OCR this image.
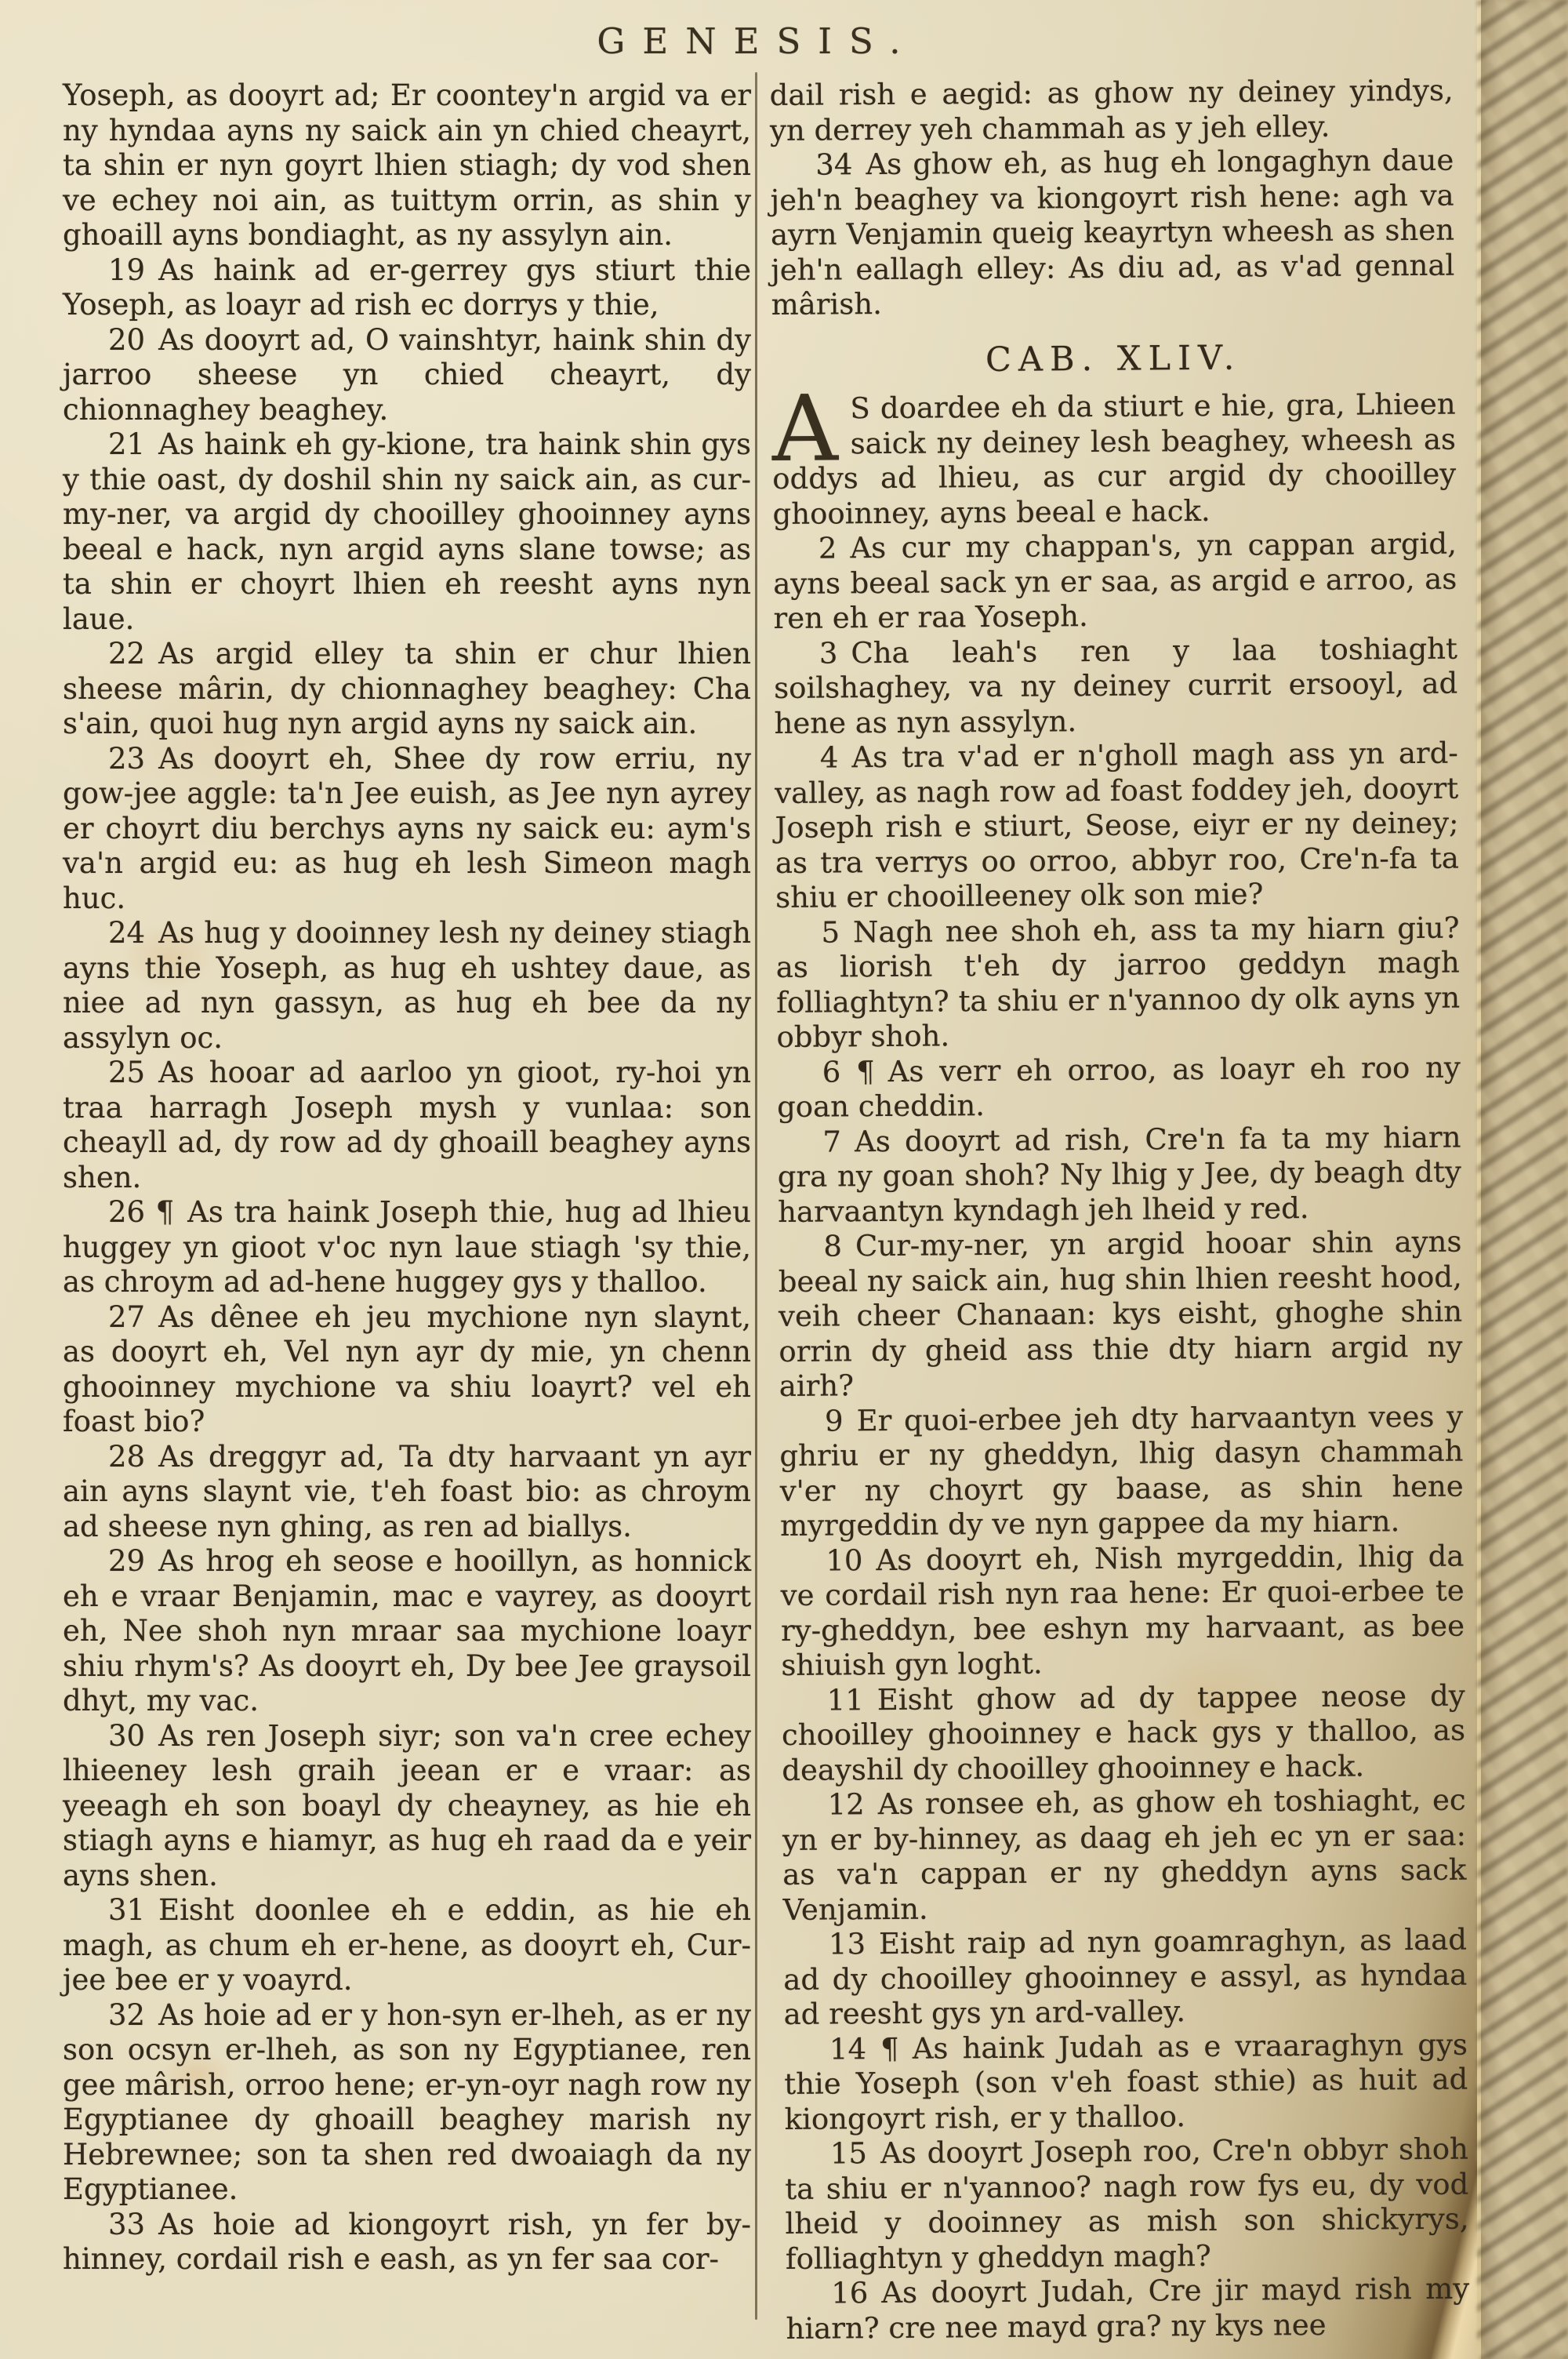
GENESIS.

Yoseph, as dooyrt ad; Er coontey'n argid va er ny hyndaa ayns ny saick ain yn chied cheayrt, ta shin er nyn goyrt lhien stiagh; dy vod shen ve echey noi ain, as tuittym orrin, as shin y ghoaill ayns bondiaght, as ny assylyn ain.

19 As haink ad er-gerrey gys stiurt thie Yoseph, as loayr ad rish ec dorrys y thie,

20 As dooyrt ad, O vainshtyr, haink shin dy jarroo sheese yn chied cheayrt, dy chionnaghey beaghey.

21 As haink eh gy-kione, tra haink shin gys y thie oast, dy doshil shin ny saick ain, as cur-my-ner, va argid dy chooilley ghooinney ayns beeal e hack, nyn argid ayns slane towse; as ta shin er choyrt lhien eh reesht ayns nyn laue.

22 As argid elley ta shin er chur lhien sheese mârin, dy chionnaghey beaghey: Cha s'ain, quoi hug nyn argid ayns ny saick ain.

23 As dooyrt eh, Shee dy row erriu, ny gow-jee aggle: ta'n Jee euish, as Jee nyn ayrey er choyrt diu berchys ayns ny saick eu: aym's va'n argid eu: as hug eh lesh Simeon magh huc.

24 As hug y dooinney lesh ny deiney stiagh ayns thie Yoseph, as hug eh ushtey daue, as niee ad nyn gassyn, as hug eh bee da ny assylyn oc.

25 As hooar ad aarloo yn gioot, ry-hoi yn traa harragh Joseph mysh y vunlaa: son cheayll ad, dy row ad dy ghoaill beaghey ayns shen.

26 ¶ As tra haink Joseph thie, hug ad lhieu huggey yn gioot v'oc nyn laue stiagh 'sy thie, as chroym ad ad-hene huggey gys y thalloo.

27 As dênee eh jeu mychione nyn slaynt, as dooyrt eh, Vel nyn ayr dy mie, yn chenn ghooinney mychione va shiu loayrt? vel eh foast bio?

28 As dreggyr ad, Ta dty harvaant yn ayr ain ayns slaynt vie, t'eh foast bio: as chroym ad sheese nyn ghing, as ren ad biallys.

29 As hrog eh seose e hooillyn, as honnick eh e vraar Benjamin, mac e vayrey, as dooyrt eh, Nee shoh nyn mraar saa mychione loayr shiu rhym's? As dooyrt eh, Dy bee Jee graysoil dhyt, my vac.

30 As ren Joseph siyr; son va'n cree echey lhieeney lesh graih jeean er e vraar: as yeeagh eh son boayl dy cheayney, as hie eh stiagh ayns e hiamyr, as hug eh raad da e yeir ayns shen.

31 Eisht doonlee eh e eddin, as hie eh magh, as chum eh er-hene, as dooyrt eh, Cur-jee bee er y voayrd.

32 As hoie ad er y hon-syn er-lheh, as er ny son ocsyn er-lheh, as son ny Egyptianee, ren gee mârish, orroo hene; er-yn-oyr nagh row ny Egyptianee dy ghoaill beaghey marish ny Hebrewnee; son ta shen red dwoaiagh da ny Egyptianee.

33 As hoie ad kiongoyrt rish, yn fer by-hinney, cordail rish e eash, as yn fer saa cor-

dail rish e aegid: as ghow ny deiney yindys, yn derrey yeh chammah as y jeh elley.

34 As ghow eh, as hug eh longaghyn daue jeh'n beaghey va kiongoyrt rish hene: agh va ayrn Venjamin queig keayrtyn wheesh as shen jeh'n eallagh elley: As diu ad, as v'ad gennal mârish.

CAB. XLIV.

A S doardee eh da stiurt e hie, gra, Lhieen saick ny deiney lesh beaghey, wheesh as oddys ad lhieu, as cur argid dy chooilley ghooinney, ayns beeal e hack.

2 As cur my chappan's, yn cappan argid, ayns beeal sack yn er saa, as argid e arroo, as ren eh er raa Yoseph.

3 Cha leah's ren y laa toshiaght soilshaghey, va ny deiney currit ersooyl, ad hene as nyn assylyn.

4 As tra v'ad er n'gholl magh ass yn ard-valley, as nagh row ad foast foddey jeh, dooyrt Joseph rish e stiurt, Seose, eiyr er ny deiney; as tra verrys oo orroo, abbyr roo, Cre'n-fa ta shiu er chooilleeney olk son mie?

5 Nagh nee shoh eh, ass ta my hiarn giu? as liorish t'eh dy jarroo geddyn magh folliaghtyn? ta shiu er n'yannoo dy olk ayns yn obbyr shoh.

6 ¶ As verr eh orroo, as loayr eh roo ny goan cheddin.

7 As dooyrt ad rish, Cre'n fa ta my hiarn gra ny goan shoh? Ny lhig y Jee, dy beagh dty harvaantyn kyndagh jeh lheid y red.

8 Cur-my-ner, yn argid hooar shin ayns beeal ny saick ain, hug shin lhien reesht hood, veih cheer Chanaan: kys eisht, ghoghe shin orrin dy gheid ass thie dty hiarn argid ny airh?

9 Er quoi-erbee jeh dty harvaantyn vees y ghriu er ny gheddyn, lhig dasyn chammah v'er ny choyrt gy baase, as shin hene myrgeddin dy ve nyn gappee da my hiarn.

10 As dooyrt eh, Nish myrgeddin, lhig da ve cordail rish nyn raa hene: Er quoi-erbee te ry-gheddyn, bee eshyn my harvaant, as bee shiuish gyn loght.

11 Eisht ghow ad dy tappee neose dy chooilley ghooinney e hack gys y thalloo, as deayshil dy chooilley ghooinney e hack.

12 As ronsee eh, as ghow eh toshiaght, ec yn er by-hinney, as daag eh jeh ec yn er saa: as va'n cappan er ny gheddyn ayns sack Venjamin.

13 Eisht raip ad nyn goamraghyn, as laad ad dy chooilley ghooinney e assyl, as hyndaa ad reesht gys yn ard-valley.

14 ¶ As haink Judah as e vraaraghyn gys thie Yoseph (son v'eh foast sthie) as huit ad kiongoyrt rish, er y thalloo.

15 As dooyrt Joseph roo, Cre'n obbyr shoh ta shiu er n'yannoo? nagh row fys eu, dy vod lheid y dooinney as mish son shickyrys, folliaghtyn y gheddyn magh?

16 As dooyrt Judah, Cre jir mayd rish my hiarn? cre nee mayd gra? ny kys nee
